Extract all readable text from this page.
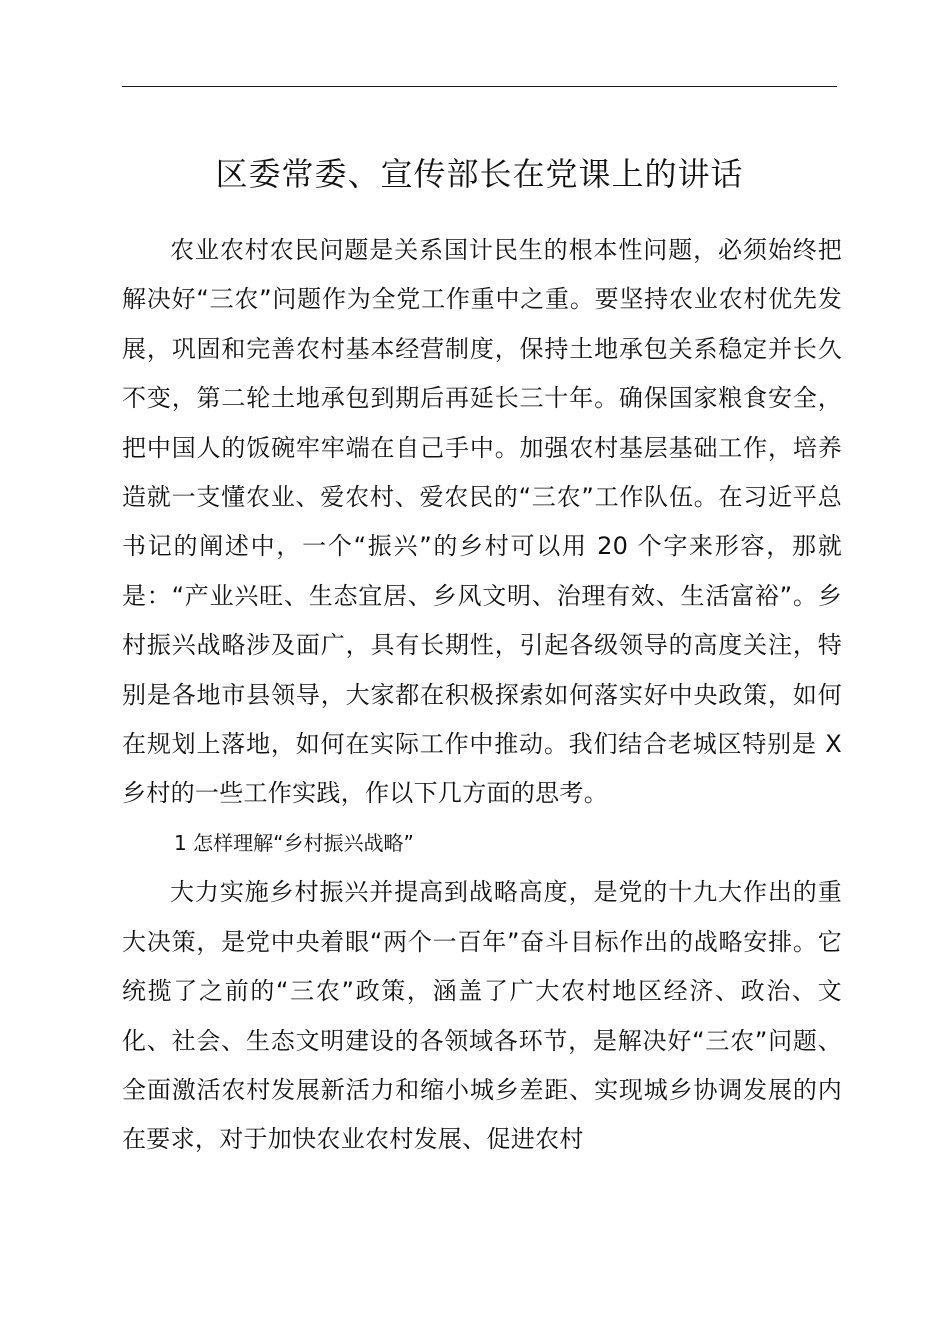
区委常委、宣传部长在党课上的讲话

农业农村农民问题是关系国计民生的根本性问题，必须始终把解决好“三农”问题作为全党工作重中之重。要坚持农业农村优先发展，巩固和完善农村基本经营制度，保持土地承包关系稳定并长久不变，第二轮土地承包到期后再延长三十年。确保国家粮食安全，把中国人的饭碗牢牢端在自己手中。加强农村基层基础工作，培养造就一支懂农业、爱农村、爱农民的“三农”工作队伍。在习近平总书记的阐述中，一个“振兴”的乡村可以用 20 个字来形容，那就是：“产业兴旺、生态宜居、乡风文明、治理有效、生活富裕”。乡村振兴战略涉及面广，具有长期性，引起各级领导的高度关注，特别是各地市县领导，大家都在积极探索如何落实好中央政策，如何在规划上落地，如何在实际工作中推动。我们结合老城区特别是 X 乡村的一些工作实践，作以下几方面的思考。

1 怎样理解“乡村振兴战略”

大力实施乡村振兴并提高到战略高度，是党的十九大作出的重大决策，是党中央着眼“两个一百年”奋斗目标作出的战略安排。它统揽了之前的“三农”政策，涵盖了广大农村地区经济、政治、文化、社会、生态文明建设的各领域各环节，是解决好“三农”问题、全面激活农村发展新活力和缩小城乡差距、实现城乡协调发展的内在要求，对于加快农业农村发展、促进农村
